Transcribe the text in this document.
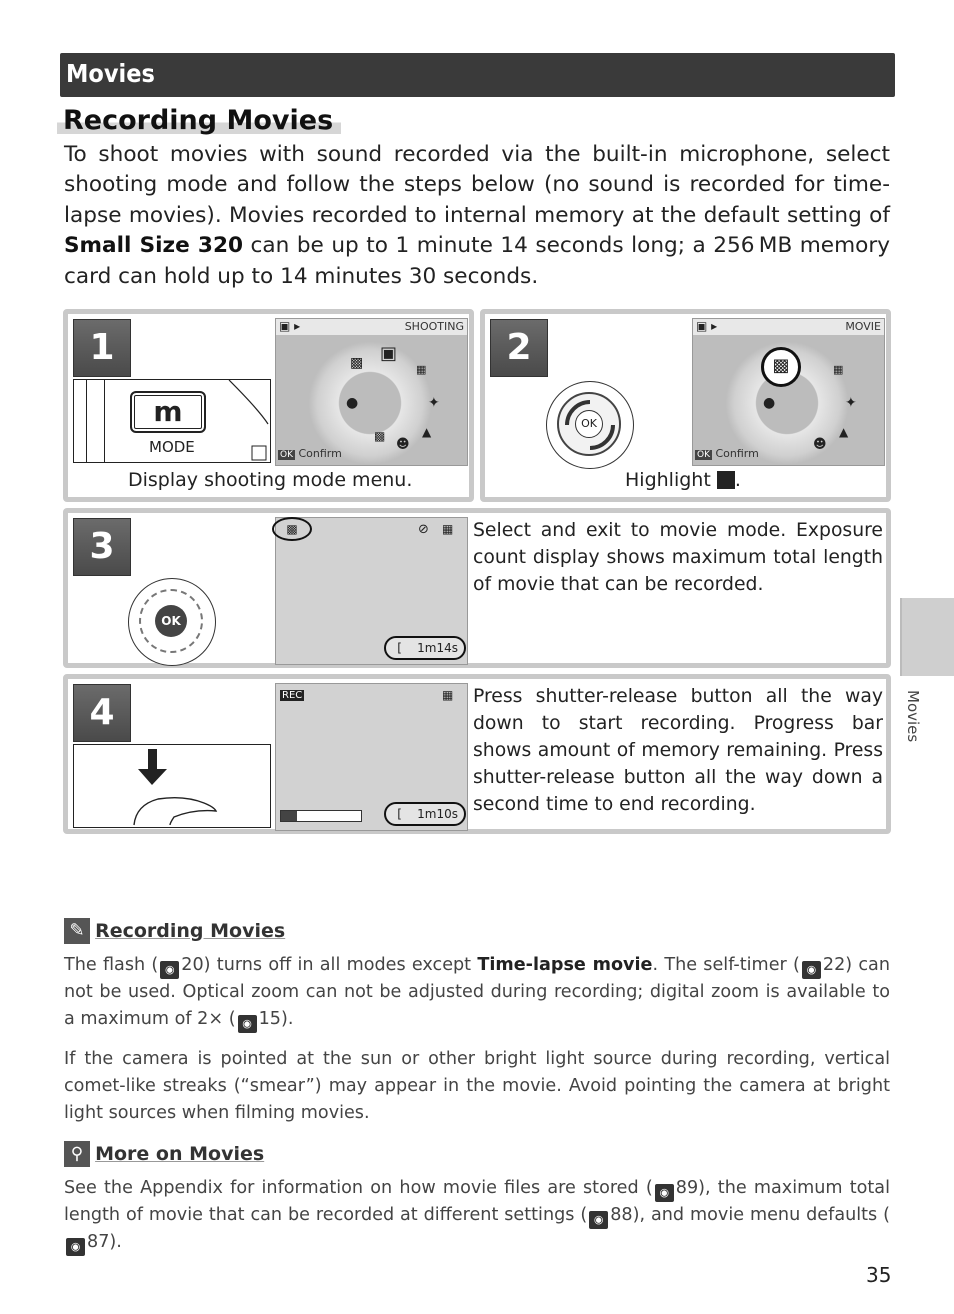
Movies
Recording Movies
To shoot movies with sound recorded via the built-in microphone, select shooting mode and follow the steps below (no sound is recorded for time-lapse movies). Movies recorded to internal memory at the default setting of Small Size 320 can be up to 1 minute 14 seconds long; a 256 MB memory card can hold up to 14 minutes 30 seconds.
1
m
MODE
▣ ▸	SHOOTING
▣
▩	▦
●	✦
☻
▲
▩
OK Confirm
Display shooting mode menu.
2
OK
▣ ▸	MOVIE
▩	▦
●	✦
☻
▲
OK Confirm
Highlight .
3
OK
▩	⊘ ▦
[    1m14s
Select and exit to movie mode. Exposure count display shows maximum total length of movie that can be recorded.
4	REC	▦
[    1m10s
Press shutter-release button all the way down to start recording. Progress bar shows amount of memory remaining. Press shutter-release button all the way down a second time to end recording.
✎ Recording Movies
The flash ( ◉ 20) turns off in all modes except Time-lapse movie. The self-timer ( ◉ 22) can not be used. Optical zoom can not be adjusted during recording; digital zoom is available to a maximum of 2× ( ◉ 15).
If the camera is pointed at the sun or other bright light source during recording, vertical comet-like streaks (“smear”) may appear in the movie. Avoid pointing the camera at bright light sources when filming movies.
⚲ More on Movies
See the Appendix for information on how movie files are stored ( ◉ 89), the maximum total length of movie that can be recorded at different settings ( ◉ 88), and movie menu defaults (◉ 87).
Movies
35
